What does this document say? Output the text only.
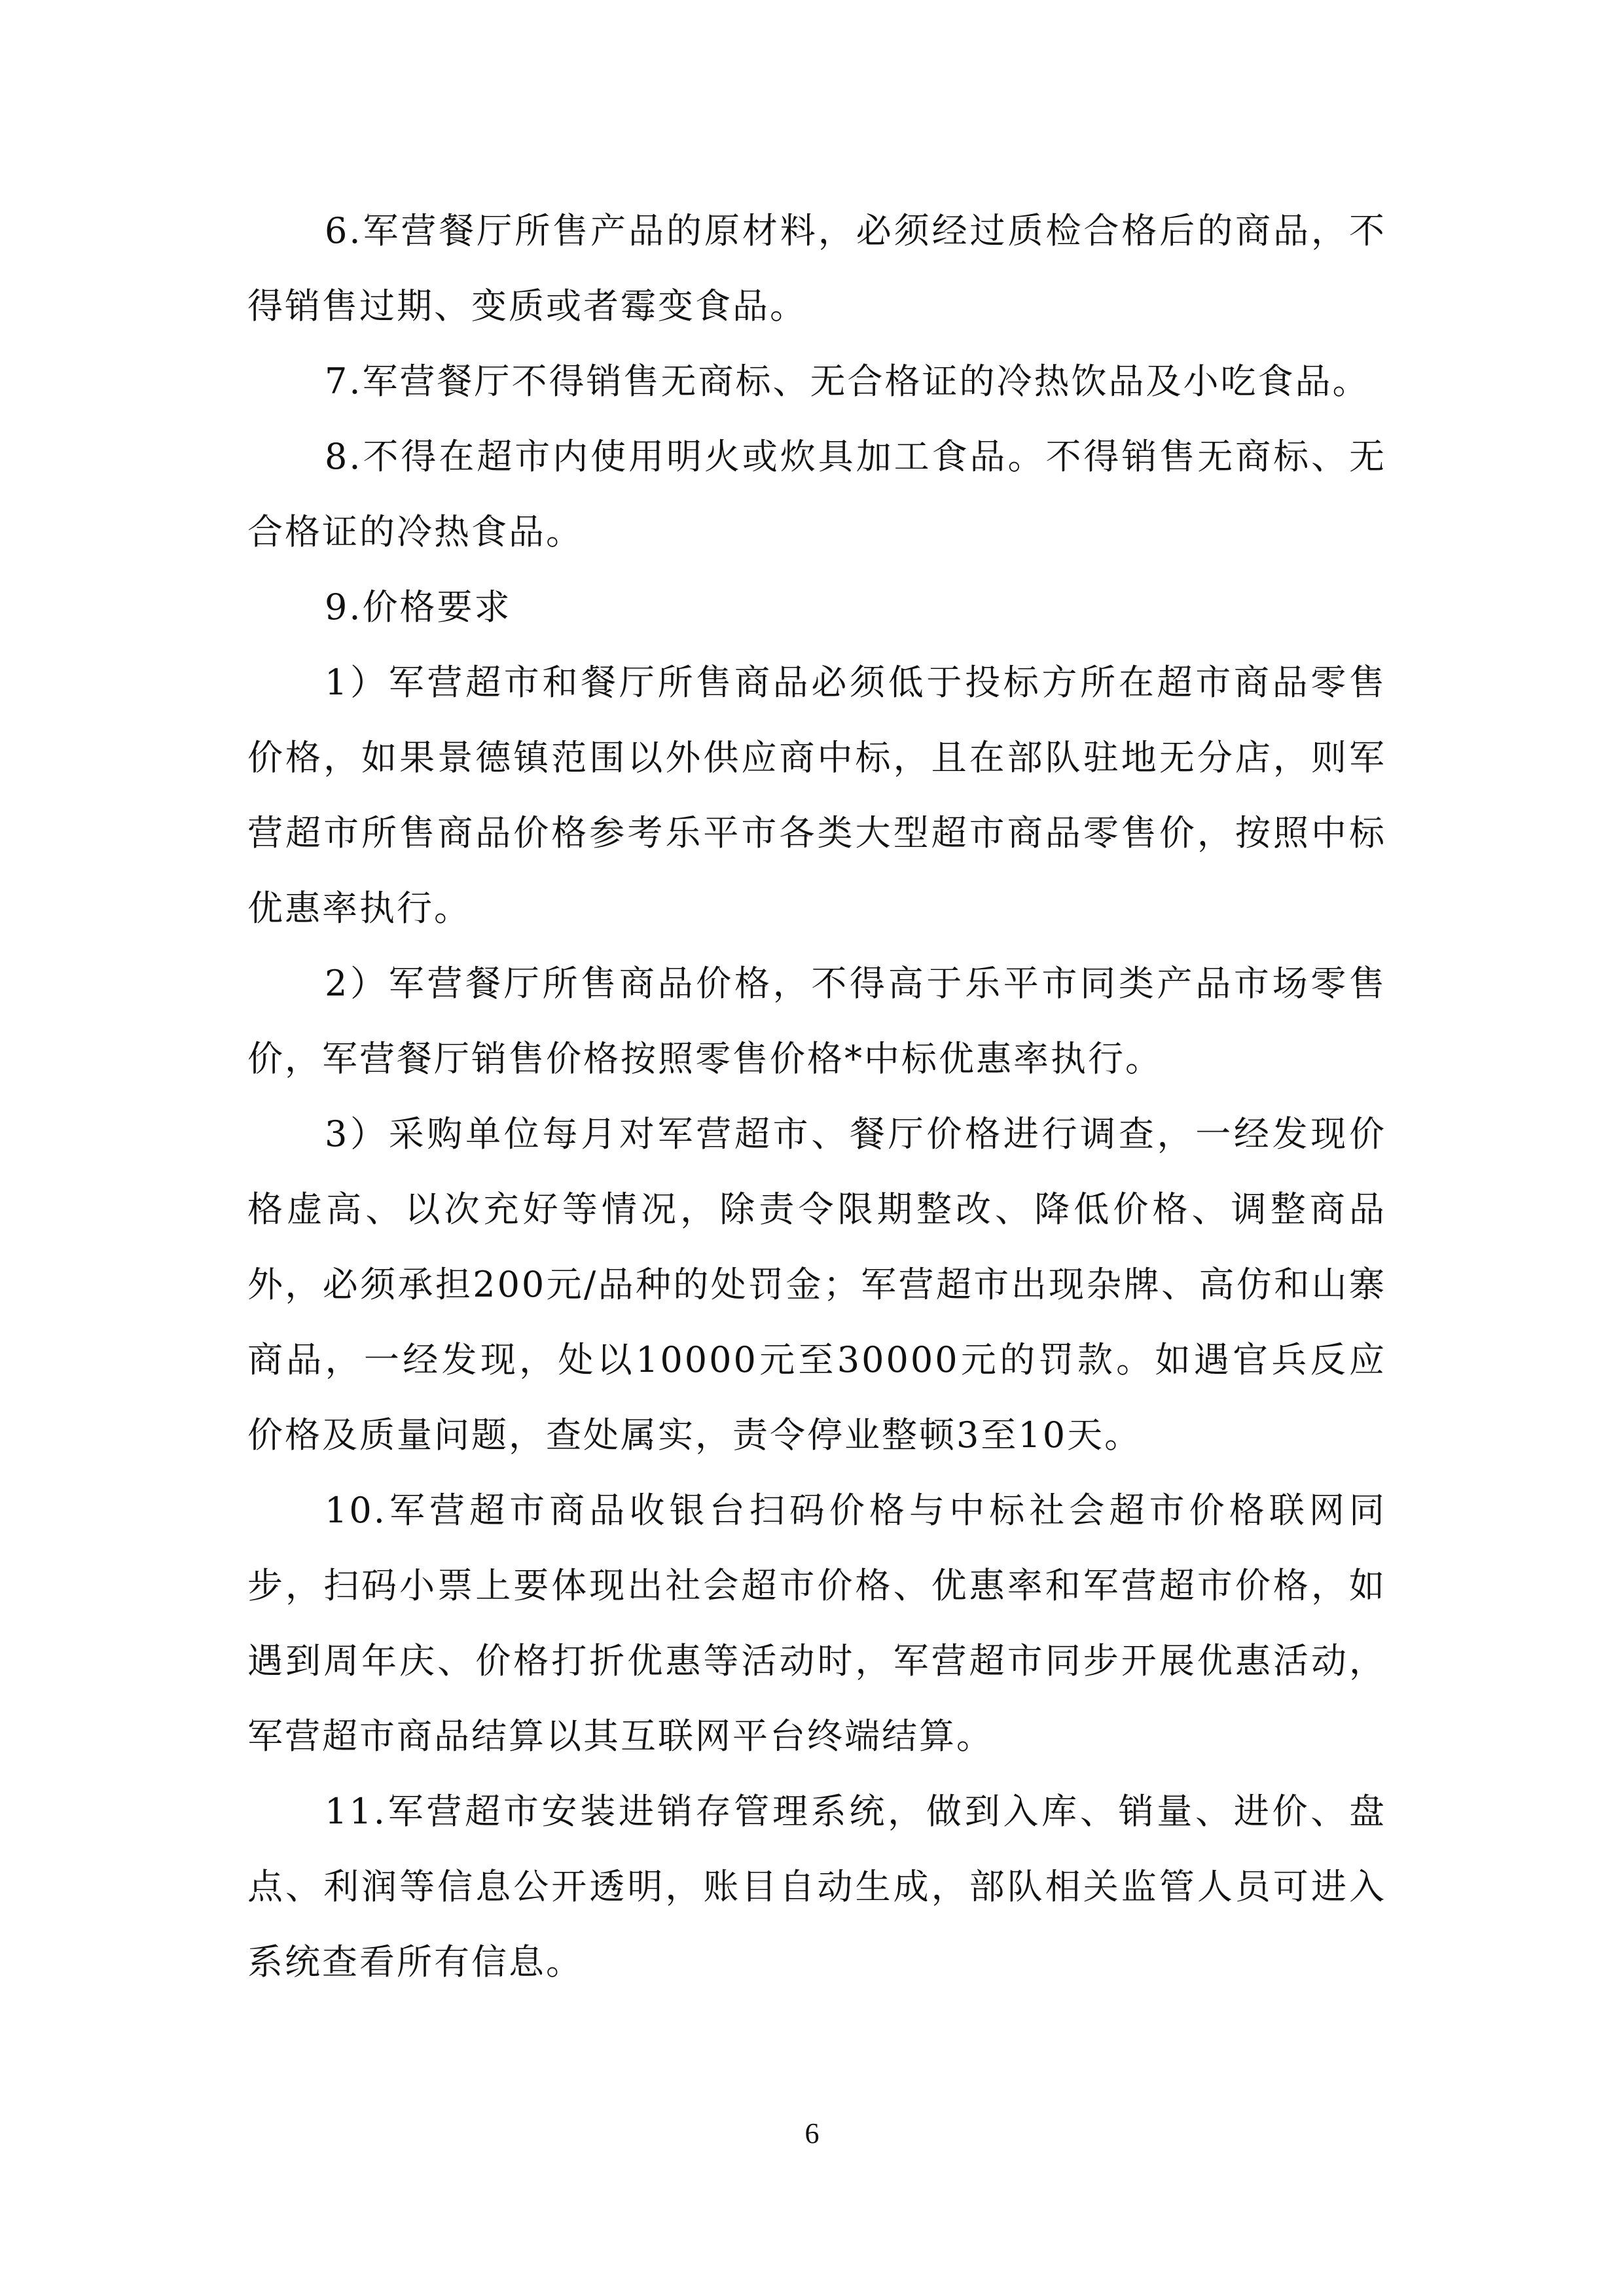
6.军营餐厅所售产品的原材料，必须经过质检合格后的商品，不得销售过期、变质或者霉变食品。

7.军营餐厅不得销售无商标、无合格证的冷热饮品及小吃食品。

8.不得在超市内使用明火或炊具加工食品。不得销售无商标、无合格证的冷热食品。

9.价格要求

1）军营超市和餐厅所售商品必须低于投标方所在超市商品零售价格，如果景德镇范围以外供应商中标，且在部队驻地无分店，则军营超市所售商品价格参考乐平市各类大型超市商品零售价，按照中标优惠率执行。

2）军营餐厅所售商品价格，不得高于乐平市同类产品市场零售价，军营餐厅销售价格按照零售价格*中标优惠率执行。

3）采购单位每月对军营超市、餐厅价格进行调查，一经发现价格虚高、以次充好等情况，除责令限期整改、降低价格、调整商品外，必须承担200元/品种的处罚金；军营超市出现杂牌、高仿和山寨商品，一经发现，处以10000元至30000元的罚款。如遇官兵反应价格及质量问题，查处属实，责令停业整顿3至10天。

10.军营超市商品收银台扫码价格与中标社会超市价格联网同步，扫码小票上要体现出社会超市价格、优惠率和军营超市价格，如遇到周年庆、价格打折优惠等活动时，军营超市同步开展优惠活动，军营超市商品结算以其互联网平台终端结算。

11.军营超市安装进销存管理系统，做到入库、销量、进价、盘点、利润等信息公开透明，账目自动生成，部队相关监管人员可进入系统查看所有信息。

6
